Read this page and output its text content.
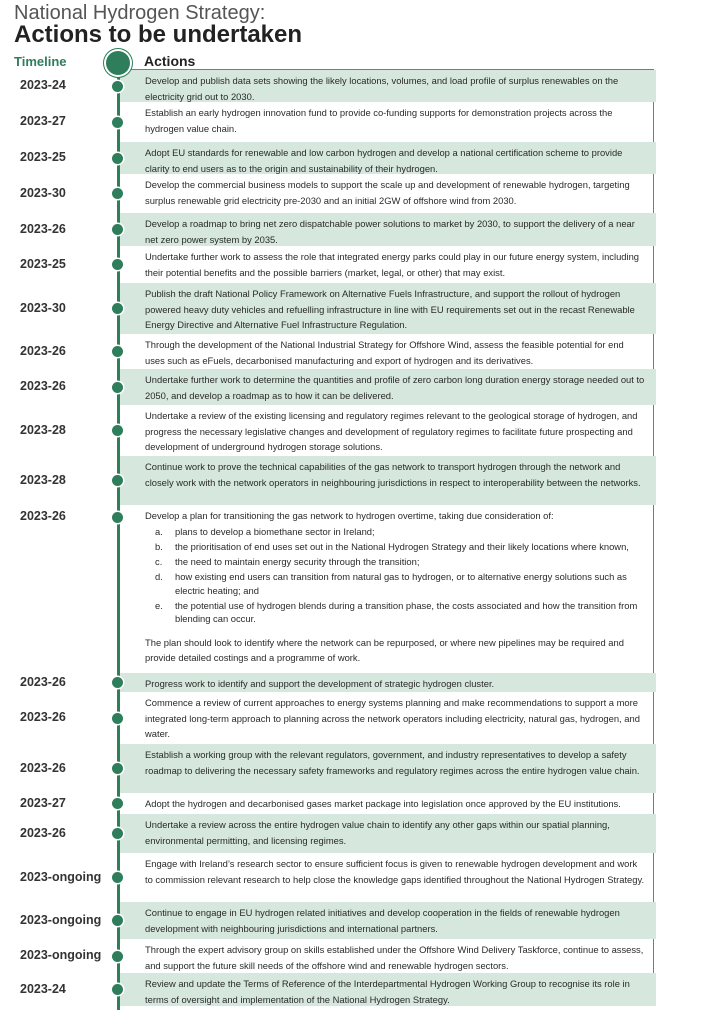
National Hydrogen Strategy:
Actions to be undertaken
Timeline	Actions
Develop and publish data sets showing the likely locations, volumes, and load profile of surplus renewables on the electricity grid out to 2030.
2023-24
Establish an early hydrogen innovation fund to provide co-funding supports for demonstration projects across the hydrogen value chain.
2023-27
Adopt EU standards for renewable and low carbon hydrogen and develop a national certification scheme to provide clarity to end users as to the origin and sustainability of their hydrogen.
2023-25
Develop the commercial business models to support the scale up and development of renewable hydrogen, targeting surplus renewable grid electricity pre-2030 and an initial 2GW of offshore wind from 2030.
2023-30
Develop a roadmap to bring net zero dispatchable power solutions to market by 2030, to support the delivery of a near net zero power system by 2035.
2023-26
Undertake further work to assess the role that integrated energy parks could play in our future energy system, including their potential benefits and the possible barriers (market, legal, or other) that may exist.
2023-25
Publish the draft National Policy Framework on Alternative Fuels Infrastructure, and support the rollout of hydrogen powered heavy duty vehicles and refuelling infrastructure in line with EU requirements set out in the recast Renewable Energy Directive and Alternative Fuel Infrastructure Regulation.
2023-30
Through the development of the National Industrial Strategy for Offshore Wind, assess the feasible potential for end uses such as eFuels, decarbonised manufacturing and export of hydrogen and its derivatives.
2023-26
Undertake further work to determine the quantities and profile of zero carbon long duration energy storage needed out to 2050, and develop a roadmap as to how it can be delivered.
2023-26
Undertake a review of the existing licensing and regulatory regimes relevant to the geological storage of hydrogen, and progress the necessary legislative changes and development of regulatory regimes to facilitate future prospecting and development of underground hydrogen storage solutions.
2023-28
Continue work to prove the technical capabilities of the gas network to transport hydrogen through the network and closely work with the network operators in neighbouring jurisdictions in respect to interoperability between the networks.
2023-28
Develop a plan for transitioning the gas network to hydrogen overtime, taking due consideration of:
a. plans to develop a biomethane sector in Ireland;
b. the prioritisation of end uses set out in the National Hydrogen Strategy and their likely locations where known,
c. the need to maintain energy security through the transition;
d. how existing end users can transition from natural gas to hydrogen, or to alternative energy solutions such as electric heating; and
e. the potential use of hydrogen blends during a transition phase, the costs associated and how the transition from blending can occur.
The plan should look to identify where the network can be repurposed, or where new pipelines may be required and provide detailed costings and a programme of work.
2023-26
Progress work to identify and support the development of strategic hydrogen cluster.
2023-26
Commence a review of current approaches to energy systems planning and make recommendations to support a more integrated long-term approach to planning across the network operators including electricity, natural gas, hydrogen, and water.
2023-26
Establish a working group with the relevant regulators, government, and industry representatives to develop a safety roadmap to delivering the necessary safety frameworks and regulatory regimes across the entire hydrogen value chain.
2023-26
Adopt the hydrogen and decarbonised gases market package into legislation once approved by the EU institutions.
2023-27
Undertake a review across the entire hydrogen value chain to identify any other gaps within our spatial planning, environmental permitting, and licensing regimes.
2023-26
Engage with Ireland’s research sector to ensure sufficient focus is given to renewable hydrogen development and work to commission relevant research to help close the knowledge gaps identified throughout the National Hydrogen Strategy.
2023-ongoing
Continue to engage in EU hydrogen related initiatives and develop cooperation in the fields of renewable hydrogen development with neighbouring jurisdictions and international partners.
2023-ongoing
Through the expert advisory group on skills established under the Offshore Wind Delivery Taskforce, continue to assess, and support the future skill needs of the offshore wind and renewable hydrogen sectors.
2023-ongoing
Review and update the Terms of Reference of the Interdepartmental Hydrogen Working Group to recognise its role in terms of oversight and implementation of the National Hydrogen Strategy.
2023-24
